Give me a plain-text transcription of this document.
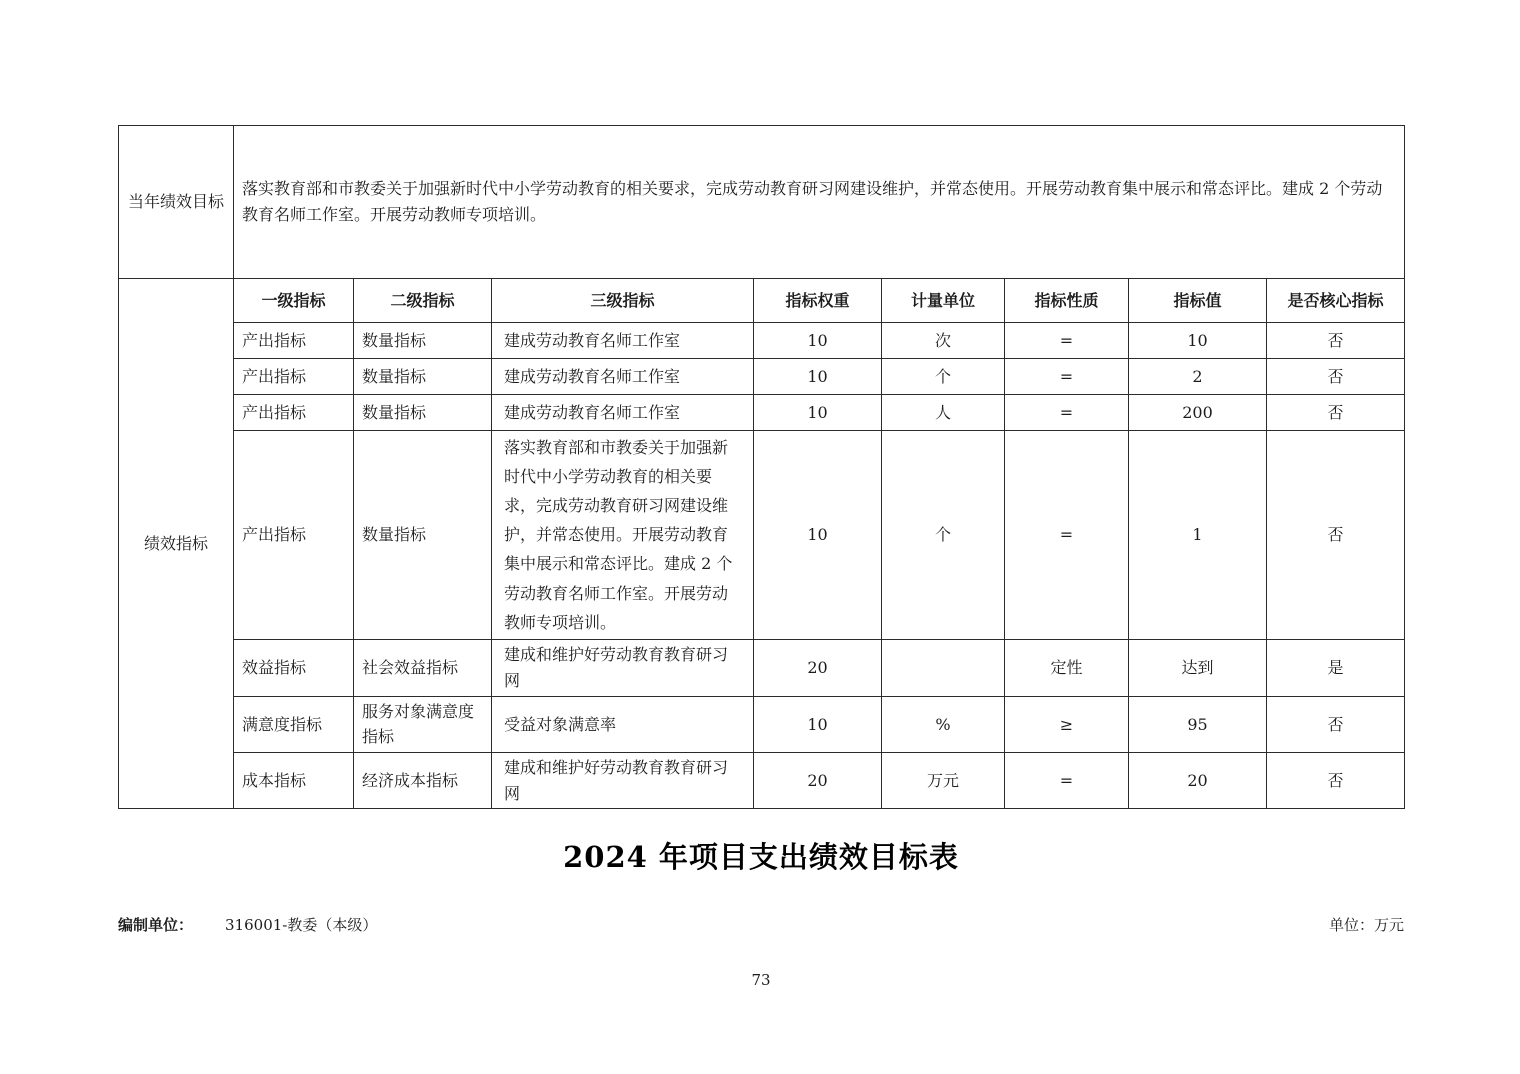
当年绩效目标	落实教育部和市教委关于加强新时代中小学劳动教育的相关要求，完成劳动教育研习网建设维护，并常态使用。开展劳动教育集中展示和常态评比。建成 2 个劳动教育名师工作室。开展劳动教师专项培训。							
绩效指标	一级指标	二级指标	三级指标	指标权重	计量单位	指标性质	指标值	是否核心指标
	产出指标	数量指标	建成劳动教育名师工作室	10	次	=	10	否
	产出指标	数量指标	建成劳动教育名师工作室	10	个	=	2	否
	产出指标	数量指标	建成劳动教育名师工作室	10	人	=	200	否
	产出指标	数量指标	落实教育部和市教委关于加强新时代中小学劳动教育的相关要求，完成劳动教育研习网建设维护，并常态使用。开展劳动教育集中展示和常态评比。建成 2 个劳动教育名师工作室。开展劳动教师专项培训。	10	个	=	1	否
	效益指标	社会效益指标	建成和维护好劳动教育教育研习网	20		定性	达到	是
	满意度指标	服务对象满意度指标	受益对象满意率	10	%	≥	95	否
	成本指标	经济成本指标	建成和维护好劳动教育教育研习网	20	万元	=	20	否
2024 年项目支出绩效目标表
编制单位： 316001-教委（本级）	单位：万元
73
